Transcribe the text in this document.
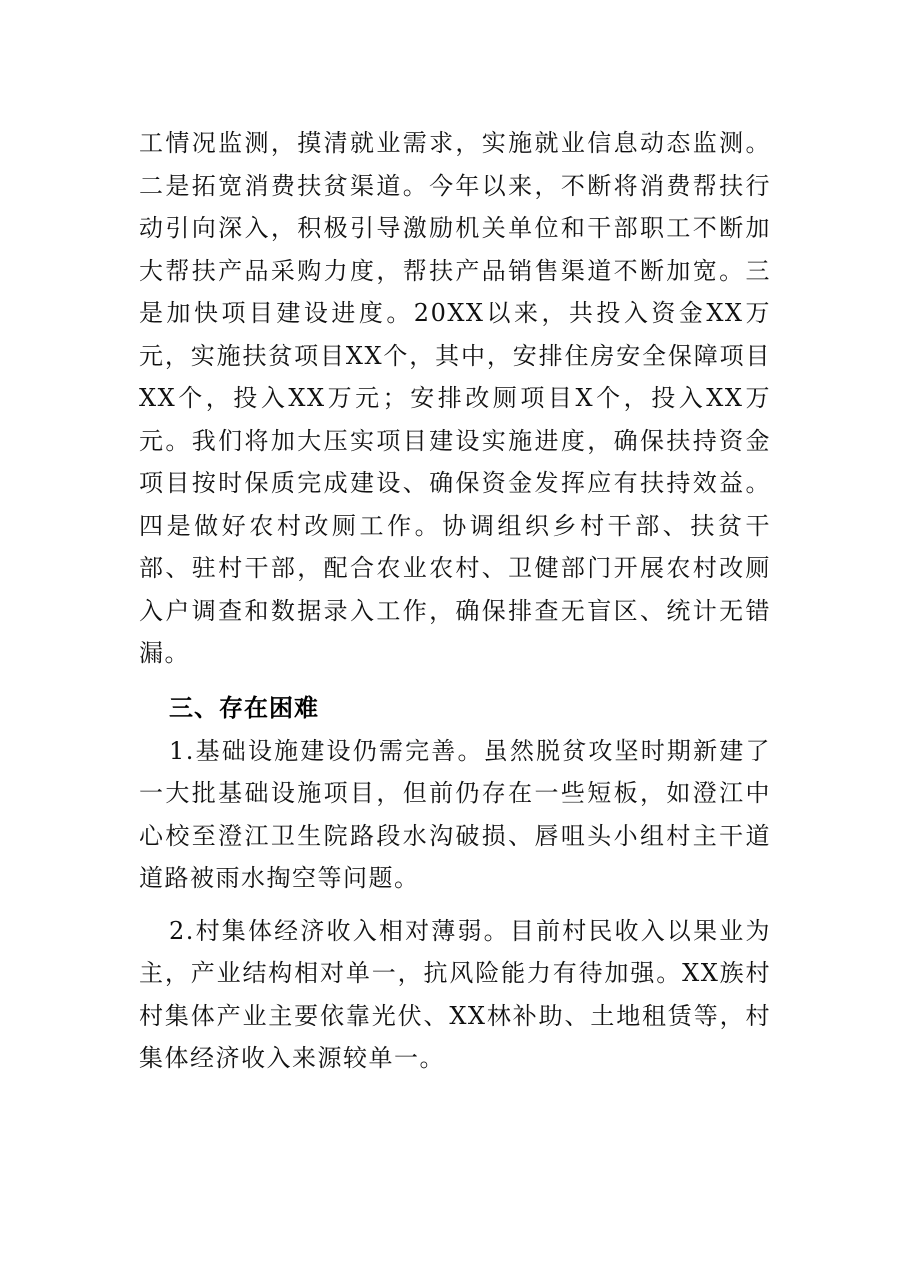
工情况监测，摸清就业需求，实施就业信息动态监测。二是拓宽消费扶贫渠道。今年以来，不断将消费帮扶行动引向深入，积极引导激励机关单位和干部职工不断加大帮扶产品采购力度，帮扶产品销售渠道不断加宽。三是加快项目建设进度。20XX以来，共投入资金XX万元，实施扶贫项目XX个，其中，安排住房安全保障项目XX个，投入XX万元；安排改厕项目X个，投入XX万元。我们将加大压实项目建设实施进度，确保扶持资金项目按时保质完成建设、确保资金发挥应有扶持效益。四是做好农村改厕工作。协调组织乡村干部、扶贫干部、驻村干部，配合农业农村、卫健部门开展农村改厕入户调查和数据录入工作，确保排查无盲区、统计无错漏。

三、存在困难

1.基础设施建设仍需完善。虽然脱贫攻坚时期新建了一大批基础设施项目，但前仍存在一些短板，如澄江中心校至澄江卫生院路段水沟破损、唇咀头小组村主干道道路被雨水掏空等问题。

2.村集体经济收入相对薄弱。目前村民收入以果业为主，产业结构相对单一，抗风险能力有待加强。XX族村村集体产业主要依靠光伏、XX林补助、土地租赁等，村集体经济收入来源较单一。
